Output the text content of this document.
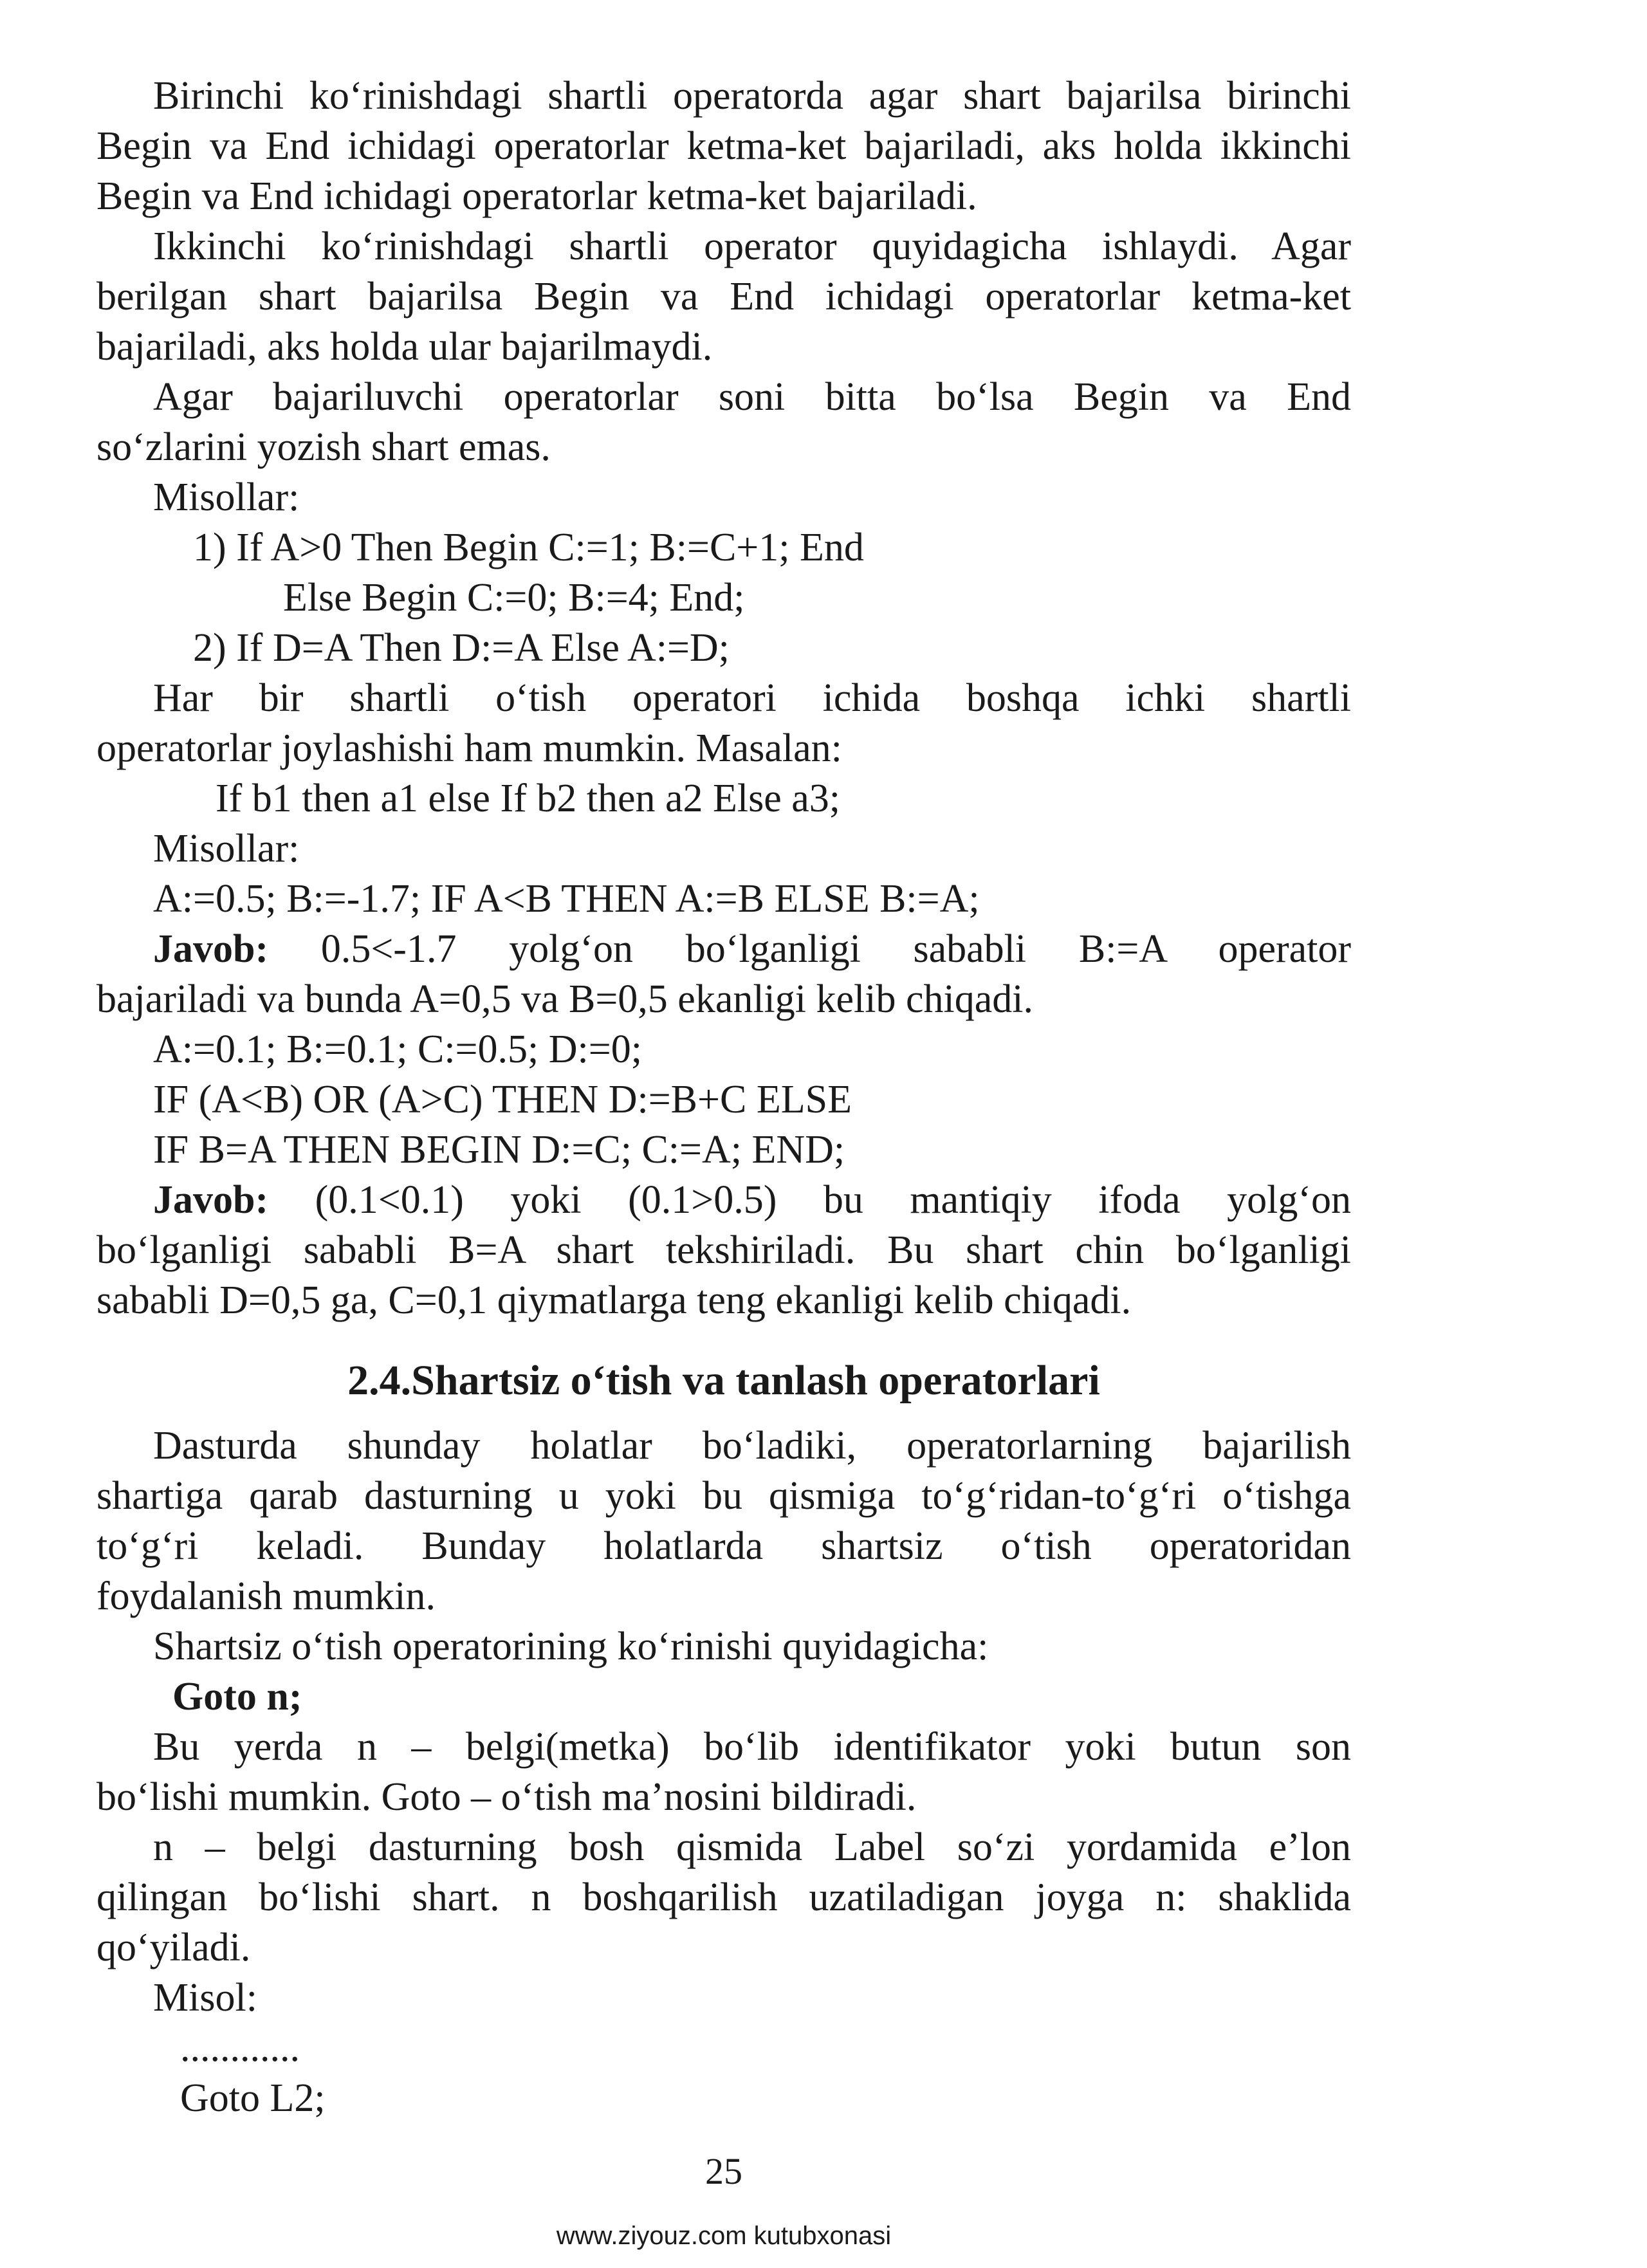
Birinchi ko‘rinishdagi shartli operatorda agar shart bajarilsa birinchi

Begin va End ichidagi operatorlar ketma-ket bajariladi, aks holda ikkinchi

Begin va End ichidagi operatorlar ketma-ket bajariladi.

Ikkinchi ko‘rinishdagi shartli operator quyidagicha ishlaydi. Agar

berilgan shart bajarilsa Begin va End ichidagi operatorlar ketma-ket

bajariladi, aks holda ular bajarilmaydi.

Agar bajariluvchi operatorlar soni bitta bo‘lsa Begin va End

so‘zlarini yozish shart emas.

Misollar:

1) If A>0 Then Begin C:=1; B:=C+1; End

Else Begin C:=0; B:=4; End;

2) If D=A Then D:=A Else A:=D;

Har bir shartli o‘tish operatori ichida boshqa ichki shartli

operatorlar joylashishi ham mumkin. Masalan:

If b1 then a1 else If b2 then a2 Else a3;

Misollar:

A:=0.5; B:=-1.7; IF A<B THEN A:=B ELSE B:=A;

Javob: 0.5<-1.7 yolg‘on bo‘lganligi sababli B:=A operator

bajariladi va bunda A=0,5 va B=0,5 ekanligi kelib chiqadi.

A:=0.1; B:=0.1; C:=0.5; D:=0;

IF (A<B) OR (A>C) THEN D:=B+C ELSE

IF B=A THEN BEGIN D:=C; C:=A; END;

Javob: (0.1<0.1) yoki (0.1>0.5) bu mantiqiy ifoda yolg‘on

bo‘lganligi sababli B=A shart tekshiriladi. Bu shart chin bo‘lganligi

sababli D=0,5 ga, C=0,1 qiymatlarga teng ekanligi kelib chiqadi.

2.4.Shartsiz o‘tish va tanlash operatorlari

Dasturda shunday holatlar bo‘ladiki, operatorlarning bajarilish

shartiga qarab dasturning u yoki bu qismiga to‘g‘ridan-to‘g‘ri o‘tishga

to‘g‘ri keladi. Bunday holatlarda shartsiz o‘tish operatoridan

foydalanish mumkin.

Shartsiz o‘tish operatorining ko‘rinishi quyidagicha:

Goto n;

Bu yerda n – belgi(metka) bo‘lib identifikator yoki butun son

bo‘lishi mumkin. Goto – o‘tish ma’nosini bildiradi.

n – belgi dasturning bosh qismida Label so‘zi yordamida e’lon

qilingan bo‘lishi shart. n boshqarilish uzatiladigan joyga n: shaklida

qo‘yiladi.

Misol:

............

Goto L2;

25
www.ziyouz.com kutubxonasi
